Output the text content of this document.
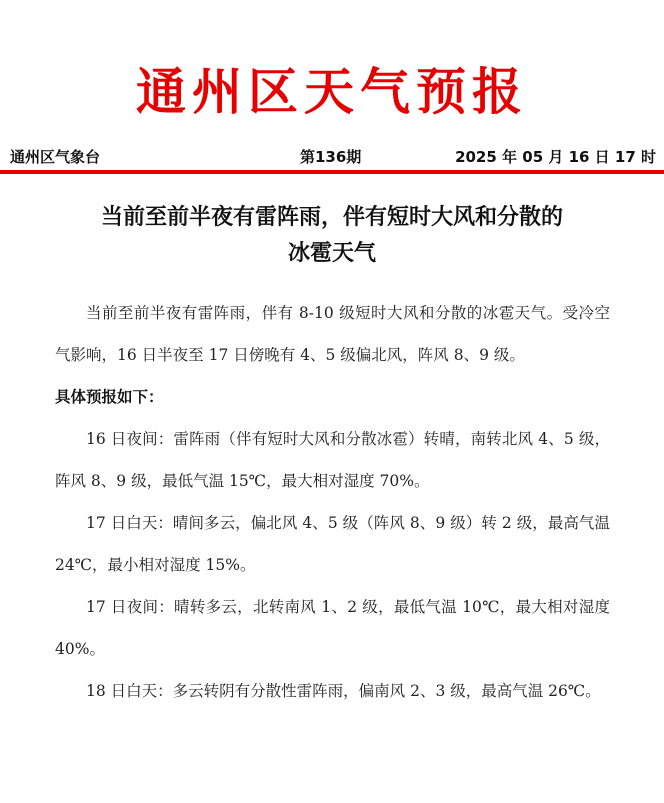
通州区天气预报
通州区气象台	第136期	2025 年 05 月 16 日 17 时
当前至前半夜有雷阵雨，伴有短时大风和分散的
冰雹天气

当前至前半夜有雷阵雨，伴有 8-10 级短时大风和分散的冰雹天气。受冷空气影响，16 日半夜至 17 日傍晚有 4、5 级偏北风，阵风 8、9 级。

具体预报如下：

16 日夜间：雷阵雨（伴有短时大风和分散冰雹）转晴，南转北风 4、5 级，阵风 8、9 级，最低气温 15℃，最大相对湿度 70%。

17 日白天：晴间多云，偏北风 4、5 级（阵风 8、9 级）转 2 级，最高气温 24℃，最小相对湿度 15%。

17 日夜间：晴转多云，北转南风 1、2 级，最低气温 10℃，最大相对湿度 40%。

18 日白天：多云转阴有分散性雷阵雨，偏南风 2、3 级，最高气温 26℃。
